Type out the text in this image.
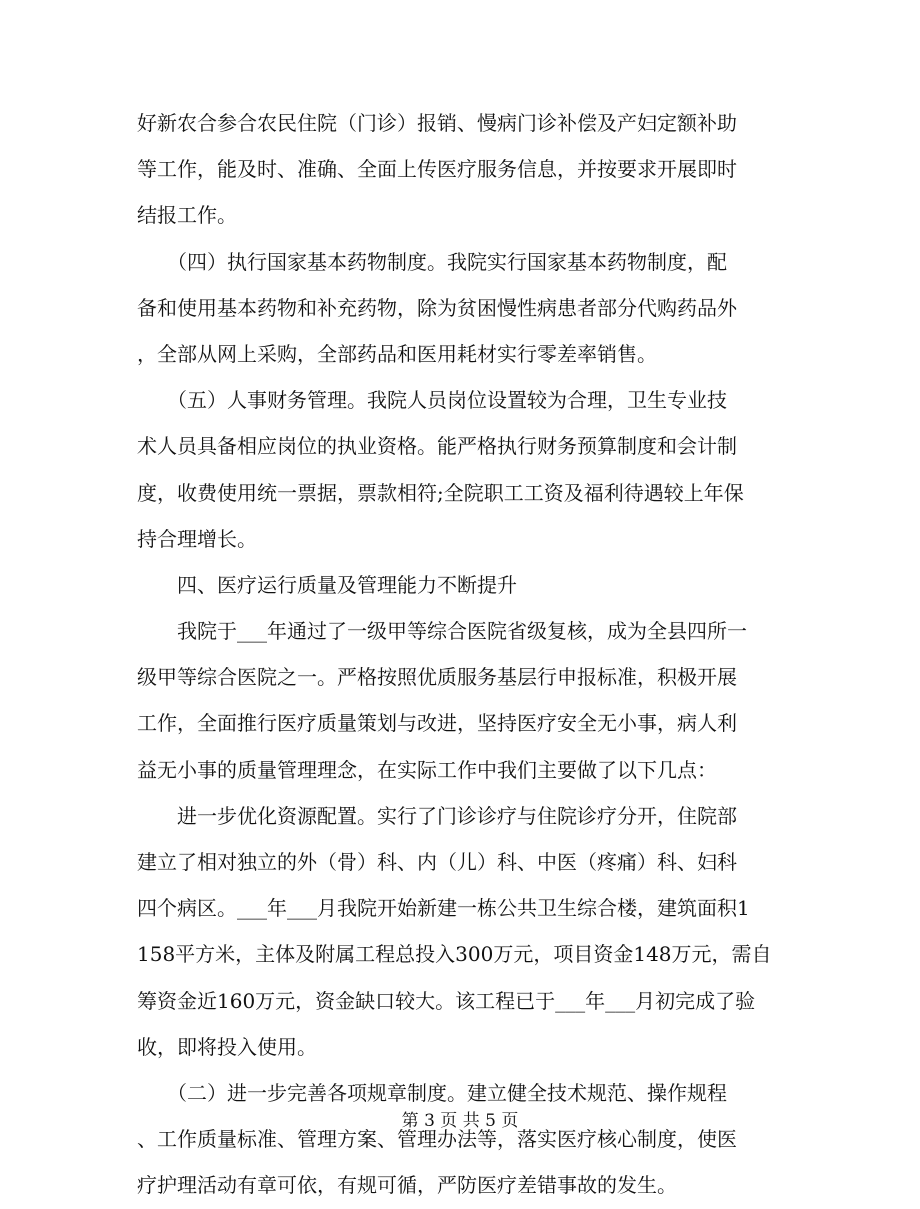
好新农合参合农民住院（门诊）报销、慢病门诊补偿及产妇定额补助
等工作，能及时、准确、全面上传医疗服务信息，并按要求开展即时
结报工作。
　　（四）执行国家基本药物制度。我院实行国家基本药物制度，配
备和使用基本药物和补充药物，除为贫困慢性病患者部分代购药品外
，全部从网上采购，全部药品和医用耗材实行零差率销售。
　　（五）人事财务管理。我院人员岗位设置较为合理，卫生专业技
术人员具备相应岗位的执业资格。能严格执行财务预算制度和会计制
度，收费使用统一票据，票款相符;全院职工工资及福利待遇较上年保
持合理增长。
　　四、医疗运行质量及管理能力不断提升
　　我院于___年通过了一级甲等综合医院省级复核，成为全县四所一
级甲等综合医院之一。严格按照优质服务基层行申报标准，积极开展
工作，全面推行医疗质量策划与改进，坚持医疗安全无小事，病人利
益无小事的质量管理理念，在实际工作中我们主要做了以下几点：
　　进一步优化资源配置。实行了门诊诊疗与住院诊疗分开，住院部
建立了相对独立的外（骨）科、内（儿）科、中医（疼痛）科、妇科
四个病区。___年___月我院开始新建一栋公共卫生综合楼，建筑面积1
158平方米，主体及附属工程总投入300万元，项目资金148万元，需自
筹资金近160万元，资金缺口较大。该工程已于___年___月初完成了验
收，即将投入使用。
　　（二）进一步完善各项规章制度。建立健全技术规范、操作规程
、工作质量标准、管理方案、管理办法等，落实医疗核心制度，使医
疗护理活动有章可依，有规可循，严防医疗差错事故的发生。
第 3 页 共 5 页
